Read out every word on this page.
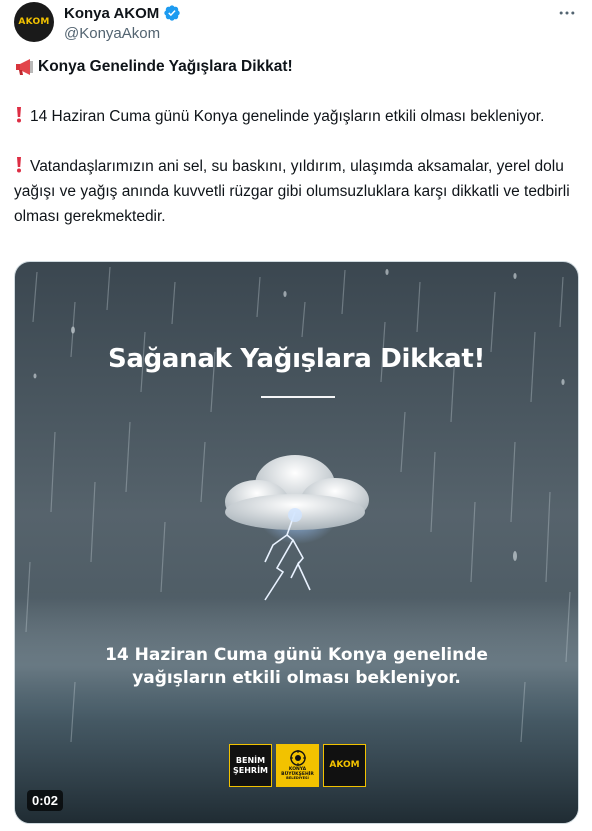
AKOM
Konya AKOM
@KonyaAkom

Konya Genelinde Yağışlara Dikkat!

14 Haziran Cuma günü Konya genelinde yağışların etkili olması bekleniyor.

Vatandaşlarımızın ani sel, su baskını, yıldırım, ulaşımda aksamalar, yerel dolu yağışı ve yağış anında kuvvetli rüzgar gibi olumsuzluklara karşı dikkatli ve tedbirli olması gerekmektedir.

Sağanak Yağışlara Dikkat!
14 Haziran Cuma günü Konya genelinde
yağışların etkili olması bekleniyor.
BENİM
ŞEHRİM	KONYA
BÜYÜKŞEHİR
BELEDİYESİ
AKOM
0:02
